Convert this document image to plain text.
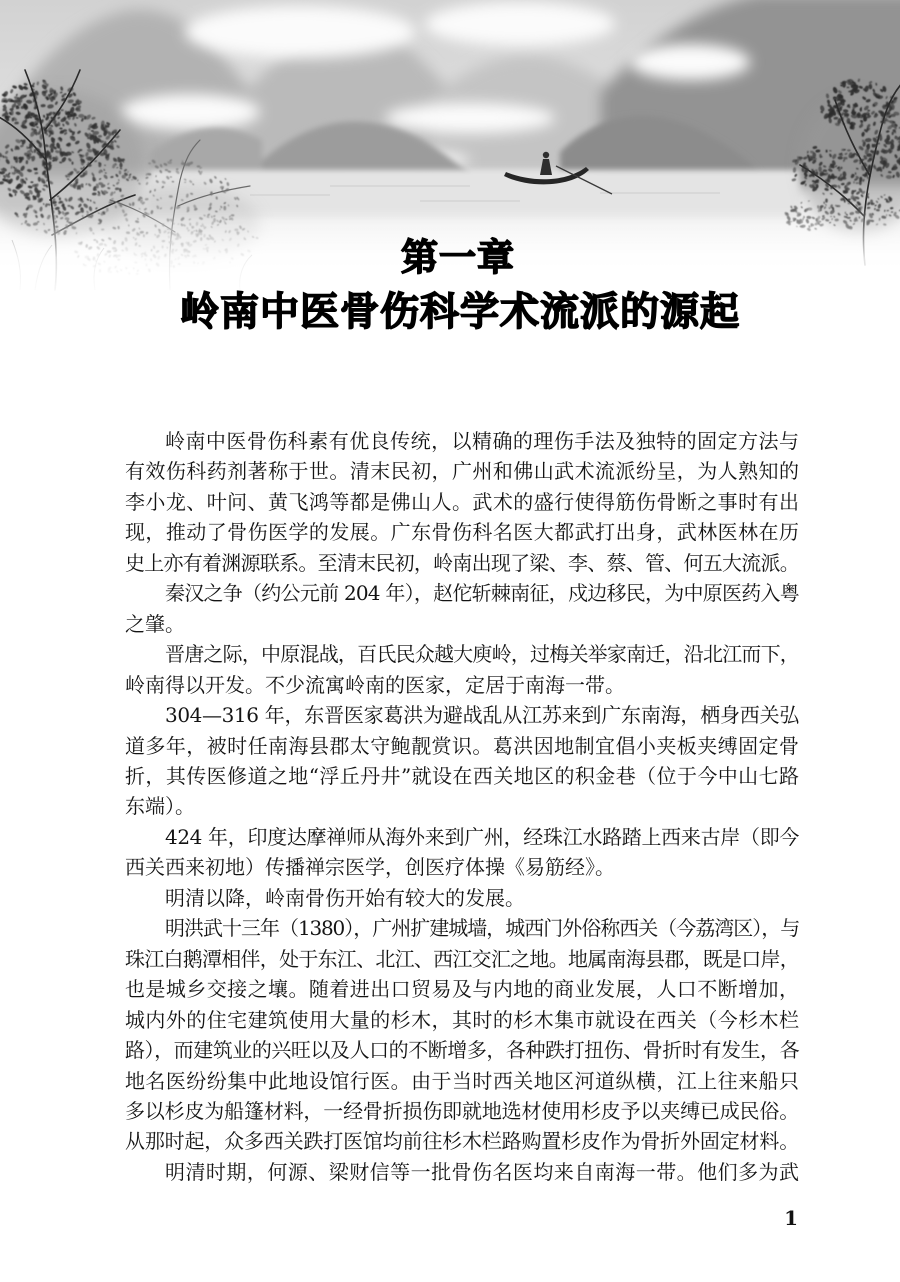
第一章
岭南中医骨伤科学术流派的源起
岭南中医骨伤科素有优良传统，以精确的理伤手法及独特的固定方法与
有效伤科药剂著称于世。清末民初，广州和佛山武术流派纷呈，为人熟知的
李小龙、叶问、黄飞鸿等都是佛山人。武术的盛行使得筋伤骨断之事时有出
现，推动了骨伤医学的发展。广东骨伤科名医大都武打出身，武林医林在历
史上亦有着渊源联系。至清末民初，岭南出现了梁、李、蔡、管、何五大流派。
秦汉之争（约公元前 204 年），赵佗斩棘南征，戍边移民，为中原医药入粤
之肇。
晋唐之际，中原混战，百氏民众越大庾岭，过梅关举家南迁，沿北江而下，
岭南得以开发。不少流寓岭南的医家，定居于南海一带。
304—316 年，东晋医家葛洪为避战乱从江苏来到广东南海，栖身西关弘
道多年，被时任南海县郡太守鲍靓赏识。葛洪因地制宜倡小夹板夹缚固定骨
折，其传医修道之地“浮丘丹井”就设在西关地区的积金巷（位于今中山七路
东端）。
424 年，印度达摩禅师从海外来到广州，经珠江水路踏上西来古岸（即今
西关西来初地）传播禅宗医学，创医疗体操《易筋经》。
明清以降，岭南骨伤开始有较大的发展。
明洪武十三年（1380），广州扩建城墙，城西门外俗称西关（今荔湾区），与
珠江白鹅潭相伴，处于东江、北江、西江交汇之地。地属南海县郡，既是口岸，
也是城乡交接之壤。随着进出口贸易及与内地的商业发展，人口不断增加，
城内外的住宅建筑使用大量的杉木，其时的杉木集市就设在西关（今杉木栏
路），而建筑业的兴旺以及人口的不断增多，各种跌打扭伤、骨折时有发生，各
地名医纷纷集中此地设馆行医。由于当时西关地区河道纵横，江上往来船只
多以杉皮为船篷材料，一经骨折损伤即就地选材使用杉皮予以夹缚已成民俗。
从那时起，众多西关跌打医馆均前往杉木栏路购置杉皮作为骨折外固定材料。
明清时期，何源、梁财信等一批骨伤名医均来自南海一带。他们多为武
1
